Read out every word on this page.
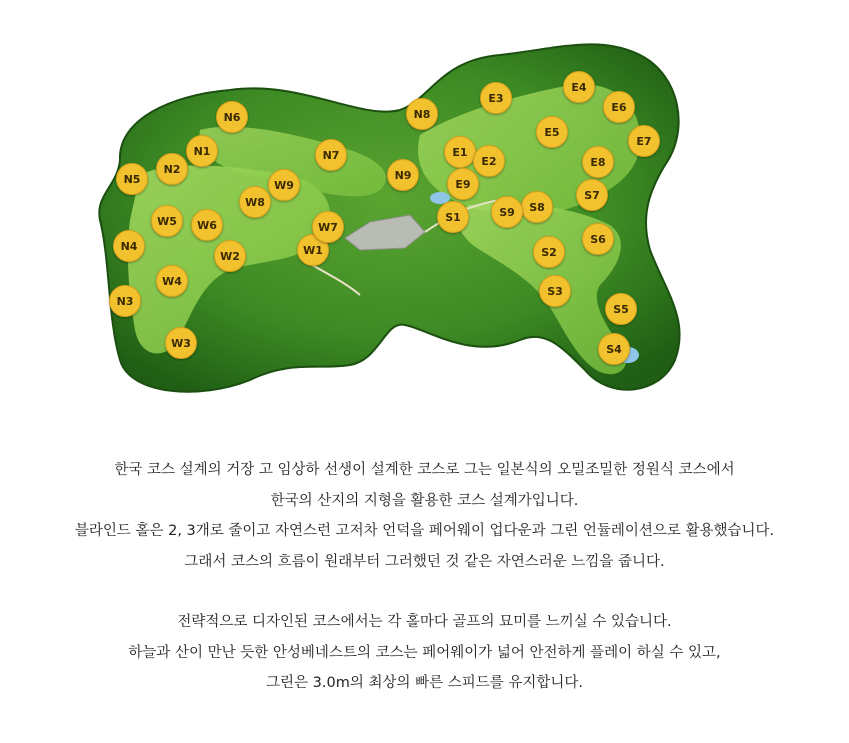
N1
N2
N3
N4
N5
N6
N7
N8
N9
W1
W2
W3
W4
W5	W6	W7
W8
W9
E1
E2
E3
E4
E5
E6
E7
E8
E9
S1
S2
S3
S4
S5
S6
S7
S8
S9
한국 코스 설계의 거장 고 임상하 선생이 설계한 코스로 그는 일본식의 오밀조밀한 정원식 코스에서
한국의 산지의 지형을 활용한 코스 설계가입니다.
블라인드 홀은 2, 3개로 줄이고 자연스런 고저차 언덕을 페어웨이 업다운과 그린 언듈레이션으로 활용했습니다.
그래서 코스의 흐름이 원래부터 그러했던 것 같은 자연스러운 느낌을 줍니다.
전략적으로 디자인된 코스에서는 각 홀마다 골프의 묘미를 느끼실 수 있습니다.
하늘과 산이 만난 듯한 안성베네스트의 코스는 페어웨이가 넓어 안전하게 플레이 하실 수 있고,
그린은 3.0m의 최상의 빠른 스피드를 유지합니다.
